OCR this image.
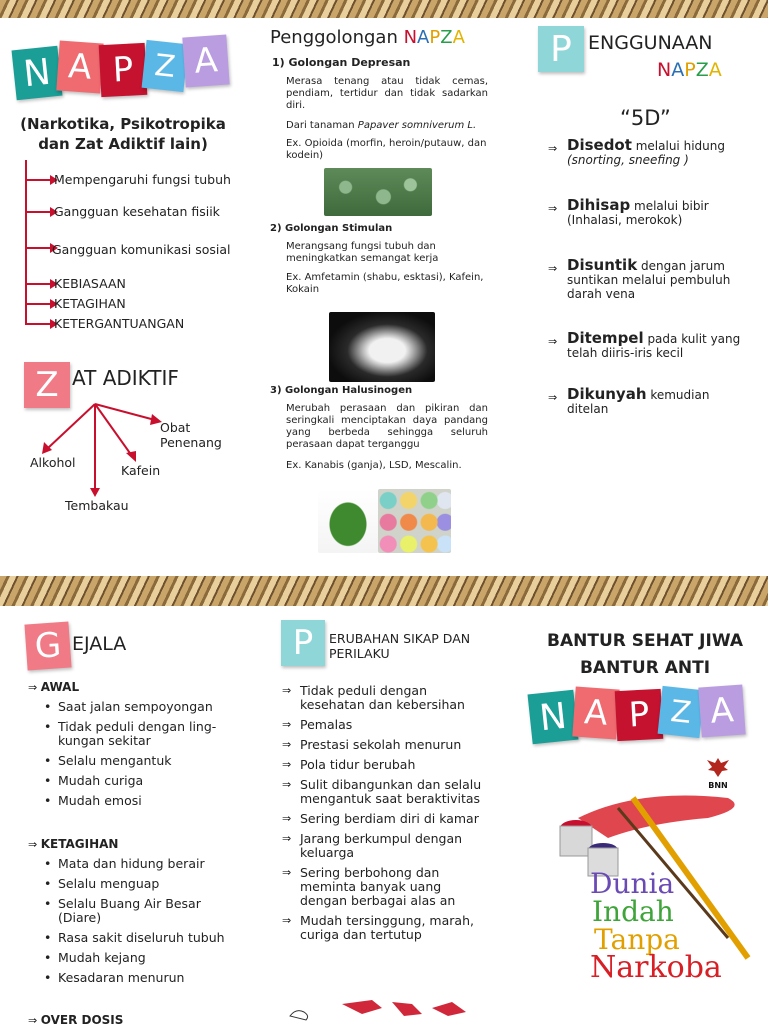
N A P Z A
(Narkotika, Psikotropika dan Zat Adiktif lain)
Mempengaruhi fungsi tubuh
Gangguan kesehatan fisiik
Gangguan komunikasi sosial
KEBIASAAN
KETAGIHAN
KETERGANTUANGAN
Z AT ADIKTIF
Obat Penenang
Alkohol
Kafein
Tembakau
Penggolongan NAPZA
1) Golongan Depresan
Merasa tenang atau tidak cemas, pendiam, tertidur dan tidak sadarkan diri.
Dari tanaman Papaver somniverum L.
Ex. Opioida (morfin, heroin/putauw, dan kodein)
2) Golongan Stimulan
Merangsang fungsi tubuh dan meningkatkan semangat kerja
Ex. Amfetamin (shabu, esktasi), Kafein, Kokain
3) Golongan Halusinogen
Merubah perasaan dan pikiran dan seringkali menciptakan daya pandang yang berbeda sehingga seluruh perasaan dapat terganggu
Ex. Kanabis (ganja), LSD, Mescalin.
P ENGGUNAAN
NAPZA
“5D”
⇒ Disedot melalui hidung
(snorting, sneefing )
⇒ Dihisap melalui bibir
(Inhalasi, merokok)
⇒ Disuntik dengan jarum
suntikan melalui pembuluh darah vena
⇒ Ditempel pada kulit yang
telah diiris-iris kecil
⇒ Dikunyah kemudian
ditelan
G EJALA
⇒ AWAL
• Saat jalan sempoyongan
• Tidak peduli dengan ling-kungan sekitar
• Selalu mengantuk
• Mudah curiga
• Mudah emosi
⇒ KETAGIHAN
• Mata dan hidung berair
• Selalu menguap
• Selalu Buang Air Besar (Diare)
• Rasa sakit diseluruh tubuh
• Mudah kejang
• Kesadaran menurun
⇒ OVER DOSIS
P	ERUBAHAN SIKAP DAN PERILAKU
⇒ Tidak peduli dengan kesehatan dan kebersihan
⇒ Pemalas
⇒ Prestasi sekolah menurun
⇒ Pola tidur berubah
⇒ Sulit dibangunkan dan selalu mengantuk saat beraktivitas
⇒ Sering berdiam diri di kamar
⇒ Jarang berkumpul dengan keluarga
⇒ Sering berbohong dan meminta banyak uang dengan berbagai alas an
⇒ Mudah tersinggung, marah, curiga dan tertutup
BANTUR SEHAT JIWA
BANTUR ANTI
N A P Z A
BNN
Dunia
Indah
Tanpa
Narkoba
